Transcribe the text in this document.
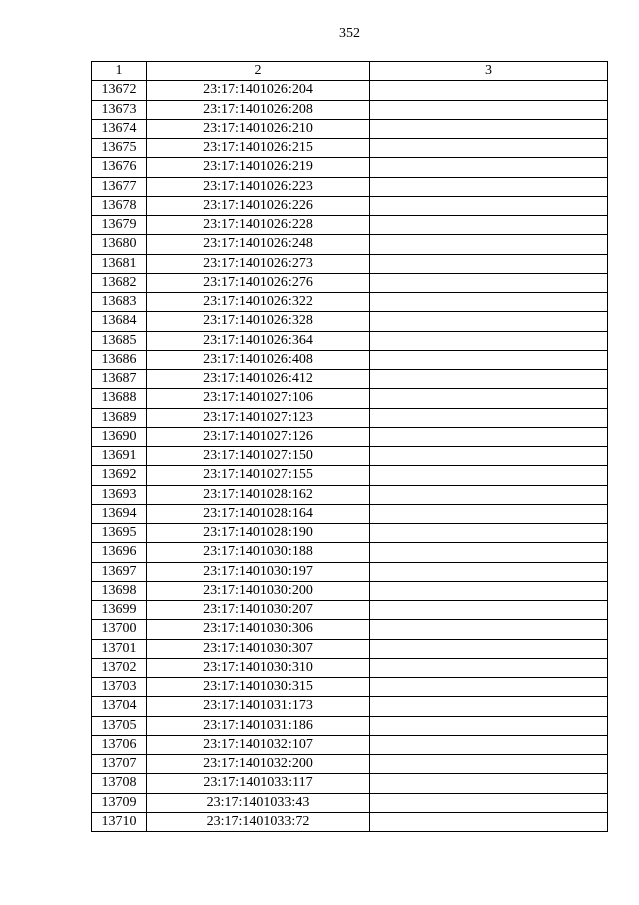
352
1	2	3
13672	23:17:1401026:204	
13673	23:17:1401026:208	
13674	23:17:1401026:210	
13675	23:17:1401026:215	
13676	23:17:1401026:219	
13677	23:17:1401026:223	
13678	23:17:1401026:226	
13679	23:17:1401026:228	
13680	23:17:1401026:248	
13681	23:17:1401026:273	
13682	23:17:1401026:276	
13683	23:17:1401026:322	
13684	23:17:1401026:328	
13685	23:17:1401026:364	
13686	23:17:1401026:408	
13687	23:17:1401026:412	
13688	23:17:1401027:106	
13689	23:17:1401027:123	
13690	23:17:1401027:126	
13691	23:17:1401027:150	
13692	23:17:1401027:155	
13693	23:17:1401028:162	
13694	23:17:1401028:164	
13695	23:17:1401028:190	
13696	23:17:1401030:188	
13697	23:17:1401030:197	
13698	23:17:1401030:200	
13699	23:17:1401030:207	
13700	23:17:1401030:306	
13701	23:17:1401030:307	
13702	23:17:1401030:310	
13703	23:17:1401030:315	
13704	23:17:1401031:173	
13705	23:17:1401031:186	
13706	23:17:1401032:107	
13707	23:17:1401032:200	
13708	23:17:1401033:117	
13709	23:17:1401033:43	
13710	23:17:1401033:72	
